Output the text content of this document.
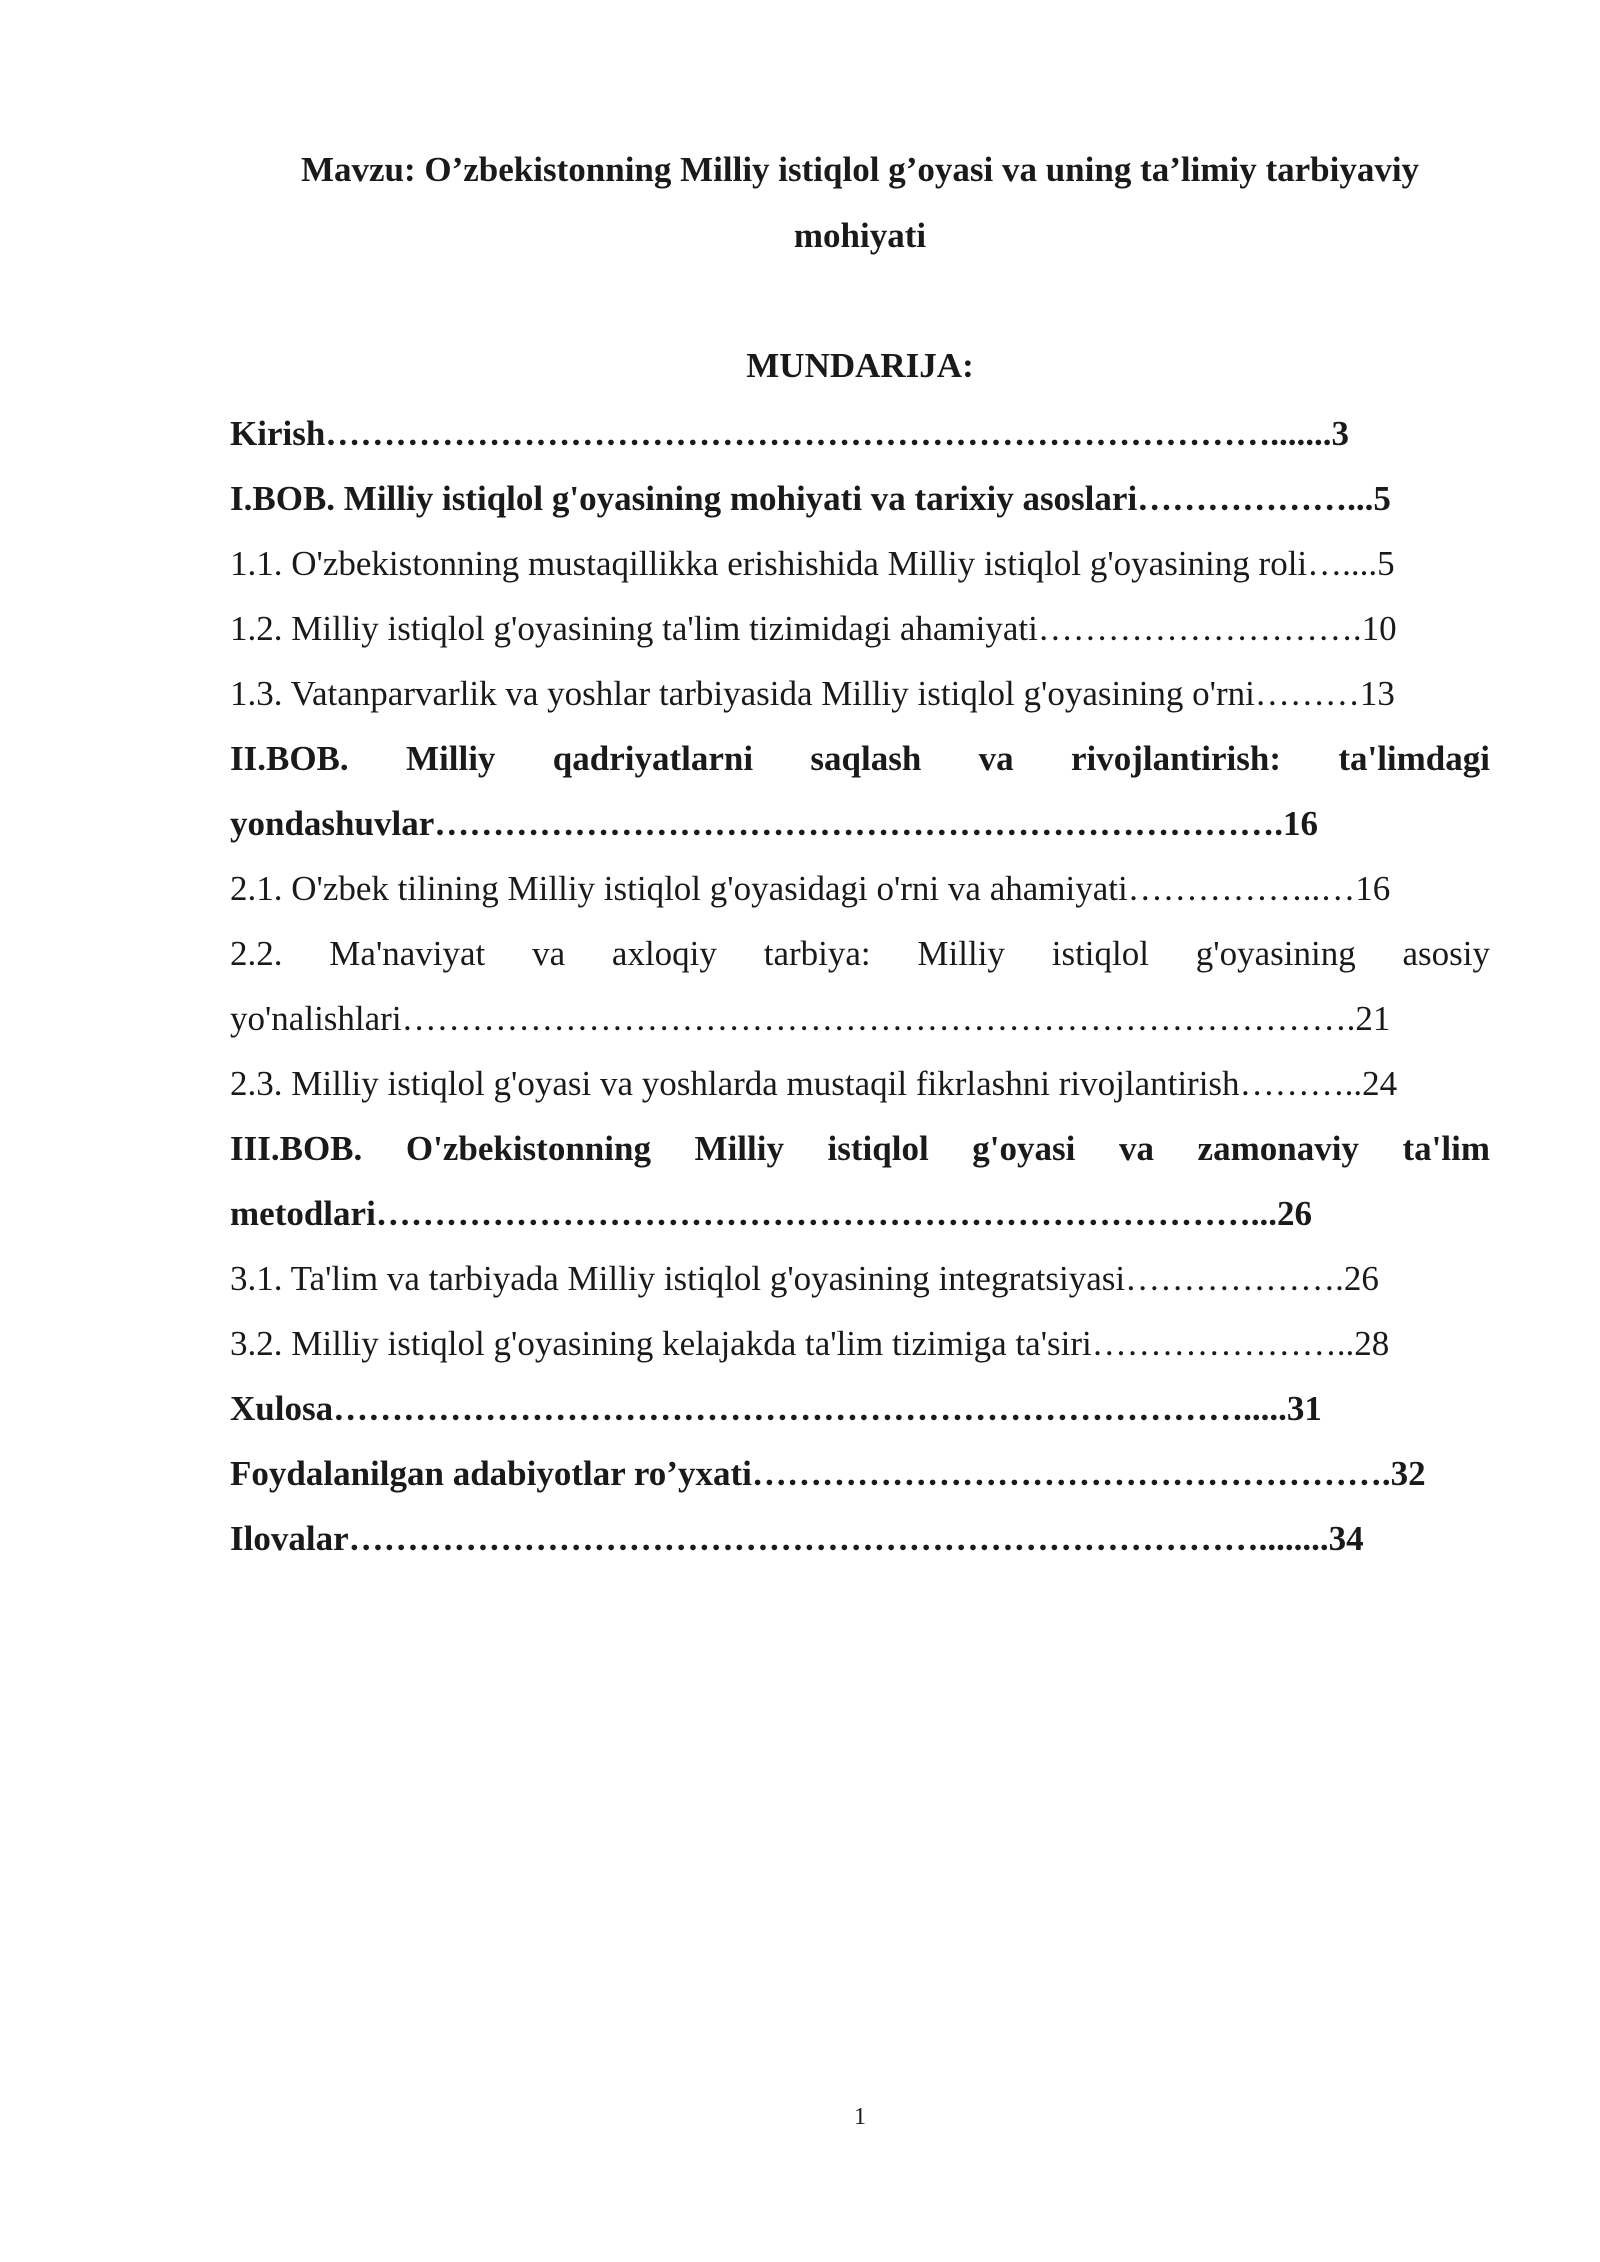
Mavzu: O’zbekistonning Milliy istiqlol g’oyasi va uning ta’limiy tarbiyaviy
mohiyati
MUNDARIJA:
Kirish……………………………………………………………………….......3
I.BOB. Milliy istiqlol g'oyasining mohiyati va tarixiy asoslari………………...5
1.1. O'zbekistonning mustaqillikka erishishida Milliy istiqlol g'oyasining roli…....5
1.2. Milliy istiqlol g'oyasining ta'lim tizimidagi ahamiyati……………………….10
1.3. Vatanparvarlik va yoshlar tarbiyasida Milliy istiqlol g'oyasining o'rni………13
II.BOB. Milliy qadriyatlarni saqlash va rivojlantirish: ta'limdagi
yondashuvlar……………………………………………………………….16
2.1. O'zbek tilining Milliy istiqlol g'oyasidagi o'rni va ahamiyati……………..…16
2.2. Ma'naviyat va axloqiy tarbiya: Milliy istiqlol g'oyasining asosiy
yo'nalishlari……………………………………………………………………….21
2.3. Milliy istiqlol g'oyasi va yoshlarda mustaqil fikrlashni rivojlantirish………..24
III.BOB. O'zbekistonning Milliy istiqlol g'oyasi va zamonaviy ta'lim
metodlari…………………………………………………………………...26
3.1. Ta'lim va tarbiyada Milliy istiqlol g'oyasining integratsiyasi……………….26
3.2. Milliy istiqlol g'oyasining kelajakda ta'lim tizimiga ta'siri…………………..28
Xulosa…………………………………………………………………….....31
Foydalanilgan adabiyotlar ro’yxati……………………………………………….32
Ilovalar……………………………………………………………………........34
1
